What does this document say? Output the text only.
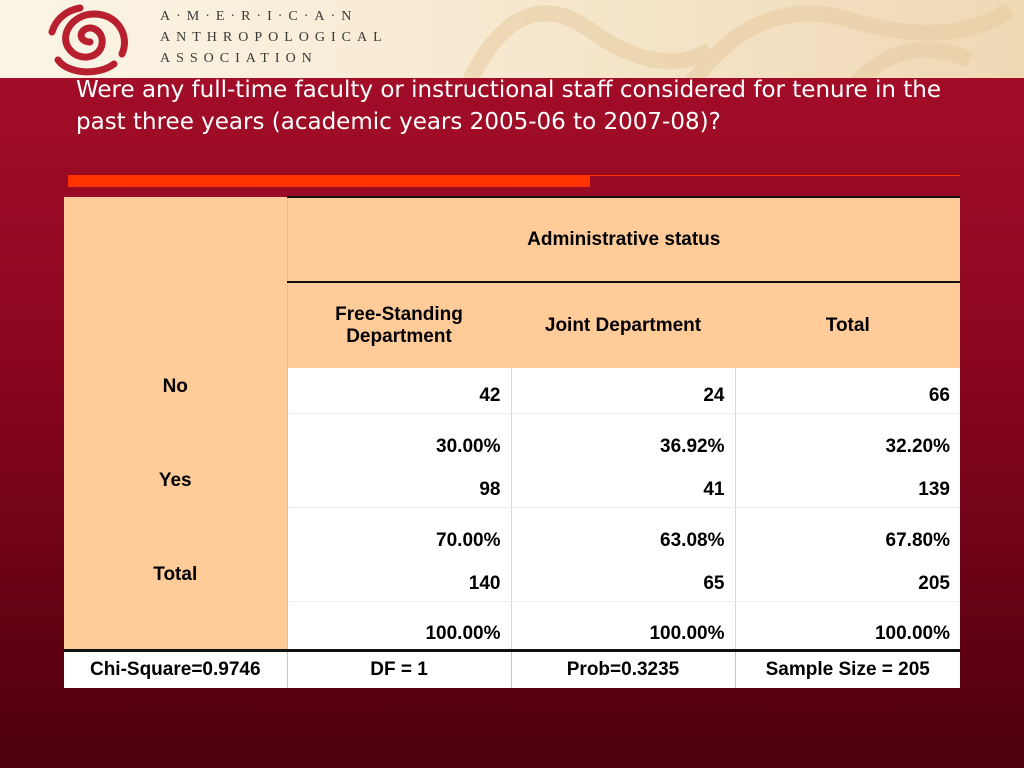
A·M·E·R·I·C·A·N
ANTHROPOLOGICAL
ASSOCIATION
Were any full-time faculty or instructional staff considered for tenure in the past three years (academic years 2005-06 to 2007-08)?
	Administrative status		
	Free-Standing Department	Joint Department	Total
No	42	24	66
	30.00%	36.92%	32.20%
Yes	98	41	139
	70.00%	63.08%	67.80%
Total	140	65	205
	100.00%	100.00%	100.00%
Chi-Square=0.9746	DF = 1	Prob=0.3235	Sample Size = 205
